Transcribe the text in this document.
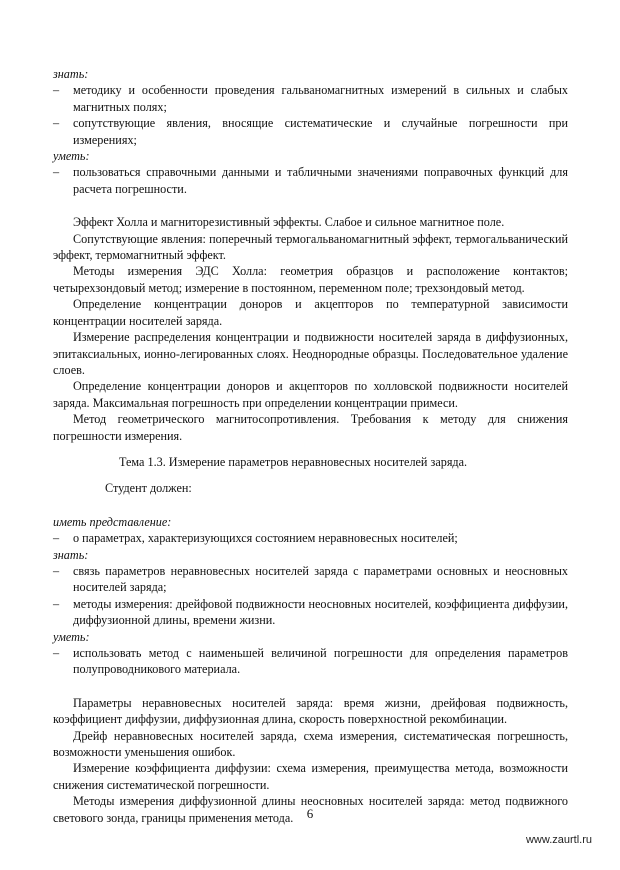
знать:
–	методику и особенности проведения гальваномагнитных измерений в сильных и слабых магнитных полях;
–	сопутствующие явления, вносящие систематические и случайные погрешности при измерениях;
уметь:
–	пользоваться справочными данными и табличными значениями поправочных функций для расчета погрешности.

Эффект Холла и магниторезистивный эффекты. Слабое и сильное магнитное поле.

Сопутствующие явления: поперечный термогальваномагнитный эффект, термогальванический эффект, термомагнитный эффект.

Методы измерения ЭДС Холла: геометрия образцов и расположение контактов; четырехзондовый метод; измерение в постоянном, переменном поле; трехзондовый метод.

Определение концентрации доноров и акцепторов по температурной зависимости концентрации носителей заряда.

Измерение распределения концентрации и подвижности носителей заряда в диффузионных, эпитаксиальных, ионно-легированных слоях. Неоднородные образцы. Последовательное удаление слоев.

Определение концентрации доноров и акцепторов по холловской подвижности носителей заряда. Максимальная погрешность при определении концентрации примеси.

Метод геометрического магнитосопротивления. Требования к методу для снижения погрешности измерения.

Тема 1.3. Измерение параметров неравновесных носителей заряда.

Студент должен:

иметь представление:
–	о параметрах, характеризующихся состоянием неравновесных носителей;
знать:
–	связь параметров неравновесных носителей заряда с параметрами основных и неосновных носителей заряда;
–	методы измерения: дрейфовой подвижности неосновных носителей, коэффициента диффузии, диффузионной длины, времени жизни.
уметь:
–	использовать метод с наименьшей величиной погрешности для определения параметров полупроводникового материала.

Параметры неравновесных носителей заряда: время жизни, дрейфовая подвижность, коэффициент диффузии, диффузионная длина, скорость поверхностной рекомбинации.

Дрейф неравновесных носителей заряда, схема измерения, систематическая погрешность, возможности уменьшения ошибок.

Измерение коэффициента диффузии: схема измерения, преимущества метода, возможности снижения систематической погрешности.

Методы измерения диффузионной длины неосновных носителей заряда: метод подвижного светового зонда, границы применения метода.	6
www.zaurtl.ru
